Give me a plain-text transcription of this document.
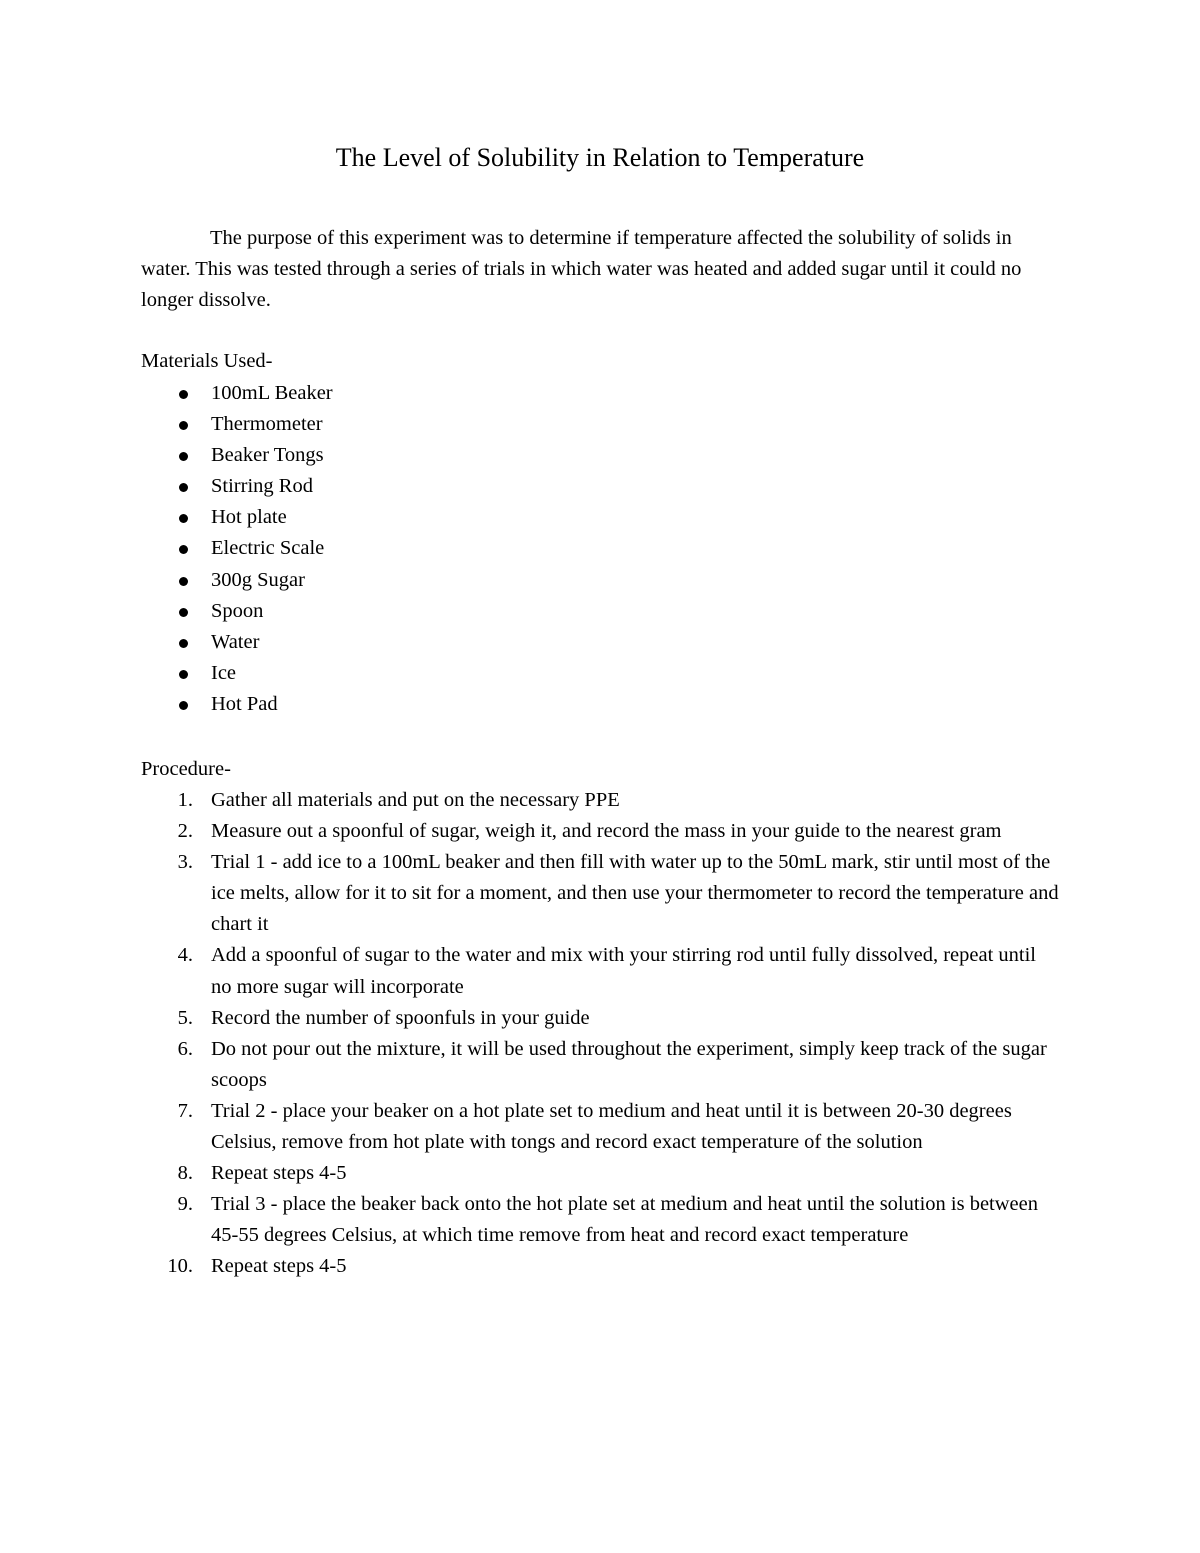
The Level of Solubility in Relation to Temperature

The purpose of this experiment was to determine if temperature affected the solubility of solids in water. This was tested through a series of trials in which water was heated and added sugar until it could no longer dissolve.

Materials Used-

100mL Beaker
Thermometer
Beaker Tongs
Stirring Rod
Hot plate
Electric Scale
300g Sugar
Spoon
Water
Ice
Hot Pad

Procedure-

1. Gather all materials and put on the necessary PPE
2. Measure out a spoonful of sugar, weigh it, and record the mass in your guide to the nearest gram
3. Trial 1 - add ice to a 100mL beaker and then fill with water up to the 50mL mark, stir until most of the ice melts, allow for it to sit for a moment, and then use your thermometer to record the temperature and chart it
4. Add a spoonful of sugar to the water and mix with your stirring rod until fully dissolved, repeat until no more sugar will incorporate
5. Record the number of spoonfuls in your guide
6. Do not pour out the mixture, it will be used throughout the experiment, simply keep track of the sugar scoops
7. Trial 2 - place your beaker on a hot plate set to medium and heat until it is between 20-30 degrees Celsius, remove from hot plate with tongs and record exact temperature of the solution
8. Repeat steps 4-5
9. Trial 3 - place the beaker back onto the hot plate set at medium and heat until the solution is between 45-55 degrees Celsius, at which time remove from heat and record exact temperature
10. Repeat steps 4-5
